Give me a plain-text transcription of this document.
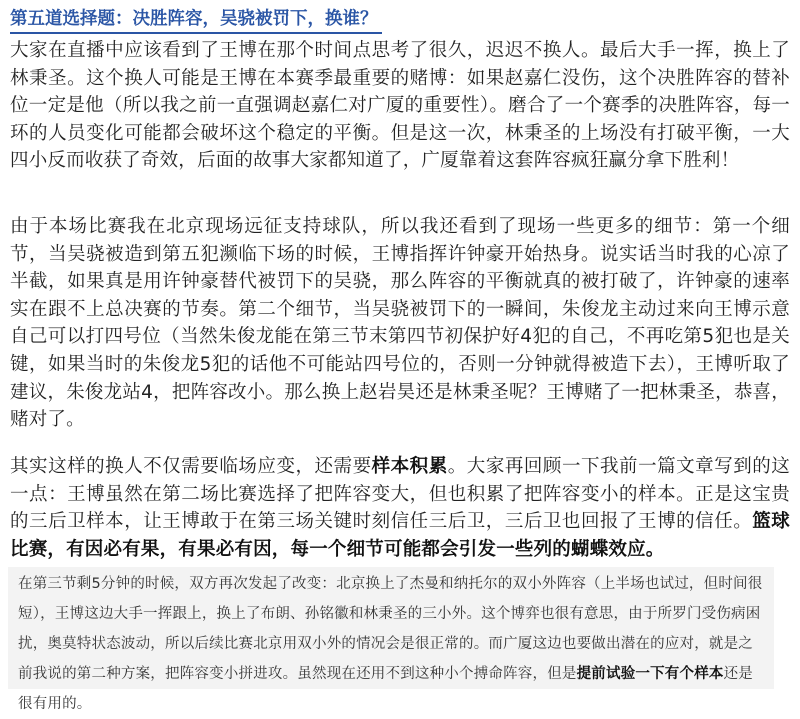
第五道选择题：决胜阵容，吴骁被罚下，换谁？

大家在直播中应该看到了王博在那个时间点思考了很久，迟迟不换人。最后大手一挥，换上了林秉圣。这个换人可能是王博在本赛季最重要的赌博：如果赵嘉仁没伤，这个决胜阵容的替补位一定是他（所以我之前一直强调赵嘉仁对广厦的重要性）。磨合了一个赛季的决胜阵容，每一环的人员变化可能都会破坏这个稳定的平衡。但是这一次，林秉圣的上场没有打破平衡，一大四小反而收获了奇效，后面的故事大家都知道了，广厦靠着这套阵容疯狂赢分拿下胜利！

由于本场比赛我在北京现场远征支持球队，所以我还看到了现场一些更多的细节：第一个细节，当吴骁被造到第五犯濒临下场的时候，王博指挥许钟豪开始热身。说实话当时我的心凉了半截，如果真是用许钟豪替代被罚下的吴骁，那么阵容的平衡就真的被打破了，许钟豪的速率实在跟不上总决赛的节奏。第二个细节，当吴骁被罚下的一瞬间，朱俊龙主动过来向王博示意自己可以打四号位（当然朱俊龙能在第三节末第四节初保护好4犯的自己，不再吃第5犯也是关键，如果当时的朱俊龙5犯的话他不可能站四号位的，否则一分钟就得被造下去），王博听取了建议，朱俊龙站4，把阵容改小。那么换上赵岩昊还是林秉圣呢？王博赌了一把林秉圣，恭喜，赌对了。

其实这样的换人不仅需要临场应变，还需要样本积累。大家再回顾一下我前一篇文章写到的这一点：王博虽然在第二场比赛选择了把阵容变大，但也积累了把阵容变小的样本。正是这宝贵的三后卫样本，让王博敢于在第三场关键时刻信任三后卫，三后卫也回报了王博的信任。篮球比赛，有因必有果，有果必有因，每一个细节可能都会引发一些列的蝴蝶效应。

在第三节剩5分钟的时候，双方再次发起了改变：北京换上了杰曼和纳托尔的双小外阵容（上半场也试过，但时间很短），王博这边大手一挥跟上，换上了布朗、孙铭徽和林秉圣的三小外。这个博弈也很有意思，由于所罗门受伤病困扰，奥莫特状态波动，所以后续比赛北京用双小外的情况会是很正常的。而广厦这边也要做出潜在的应对，就是之前我说的第二种方案，把阵容变小拼进攻。虽然现在还用不到这种小个搏命阵容，但是提前试验一下有个样本还是很有用的。
